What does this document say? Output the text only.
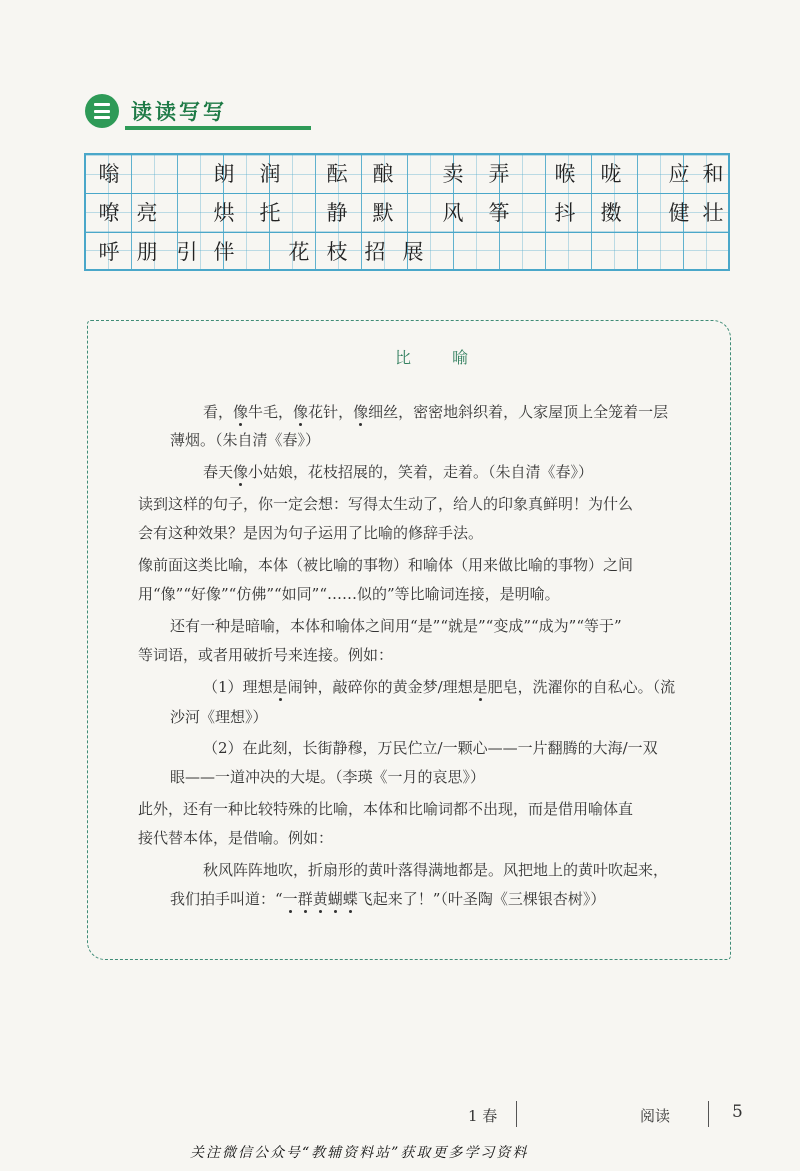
读读写写
嗡	朗	润	酝	酿	卖	弄	喉	咙	应 和
嘹 亮	烘	托	静	默	风	筝	抖	擞	健 壮
呼 朋 引 伴	花 枝 招 展
比 喻
看，像牛毛，像花针，像细丝，密密地斜织着，人家屋顶上全笼着一层
薄烟。（朱自清《春》）
春天像小姑娘，花枝招展的，笑着，走着。（朱自清《春》）
读到这样的句子，你一定会想：写得太生动了，给人的印象真鲜明！为什么
会有这种效果？是因为句子运用了比喻的修辞手法。
像前面这类比喻，本体（被比喻的事物）和喻体（用来做比喻的事物）之间
用“像”“好像”“仿佛”“如同”“……似的”等比喻词连接，是明喻。
还有一种是暗喻，本体和喻体之间用“是”“就是”“变成”“成为”“等于”
等词语，或者用破折号来连接。例如：
（1）理想是闹钟，敲碎你的黄金梦/理想是肥皂，洗濯你的自私心。（流
沙河《理想》）
（2）在此刻，长街静穆，万民伫立/一颗心——一片翻腾的大海/一双
眼——一道冲决的大堤。（李瑛《一月的哀思》）
此外，还有一种比较特殊的比喻，本体和比喻词都不出现，而是借用喻体直
接代替本体，是借喻。例如：
秋风阵阵地吹，折扇形的黄叶落得满地都是。风把地上的黄叶吹起来，
我们拍手叫道：“一群黄蝴蝶飞起来了！”（叶圣陶《三棵银杏树》）
1 春	阅读	5
关注微信公众号“教辅资料站”获取更多学习资料
